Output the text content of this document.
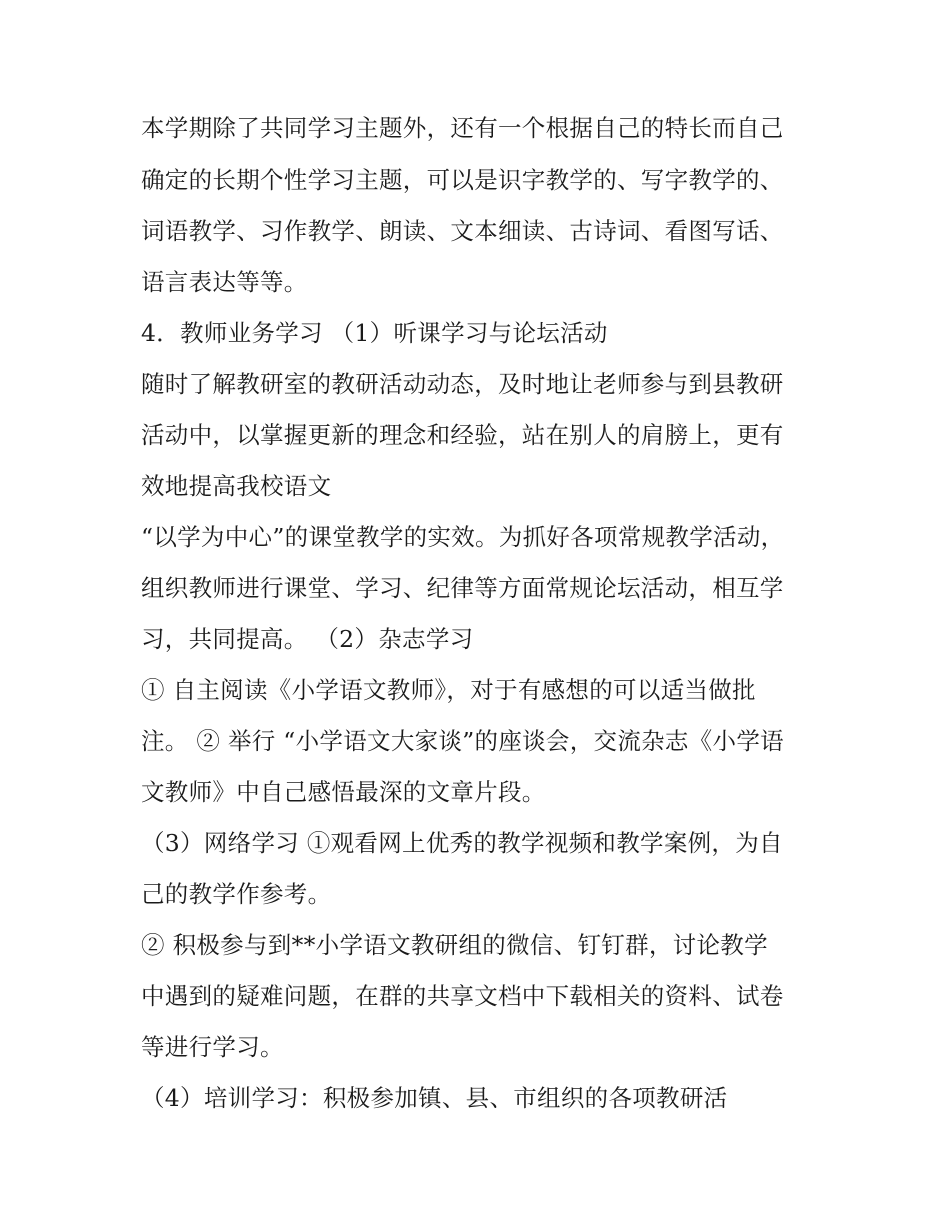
本学期除了共同学习主题外，还有一个根据自己的特长而自己
确定的长期个性学习主题，可以是识字教学的、写字教学的、
词语教学、习作教学、朗读、文本细读、古诗词、看图写话、
语言表达等等。
4．教师业务学习 （1）听课学习与论坛活动
随时了解教研室的教研活动动态，及时地让老师参与到县教研
活动中，以掌握更新的理念和经验，站在别人的肩膀上，更有
效地提高我校语文
“以学为中心”的课堂教学的实效。为抓好各项常规教学活动，
组织教师进行课堂、学习、纪律等方面常规论坛活动，相互学
习，共同提高。 （2）杂志学习
① 自主阅读《小学语文教师》，对于有感想的可以适当做批
注。 ② 举行 “小学语文大家谈”的座谈会，交流杂志《小学语
文教师》中自己感悟最深的文章片段。
（3）网络学习 ①观看网上优秀的教学视频和教学案例，为自
己的教学作参考。
② 积极参与到**小学语文教研组的微信、钉钉群，讨论教学
中遇到的疑难问题，在群的共享文档中下载相关的资料、试卷
等进行学习。
（4）培训学习：积极参加镇、县、市组织的各项教研活
